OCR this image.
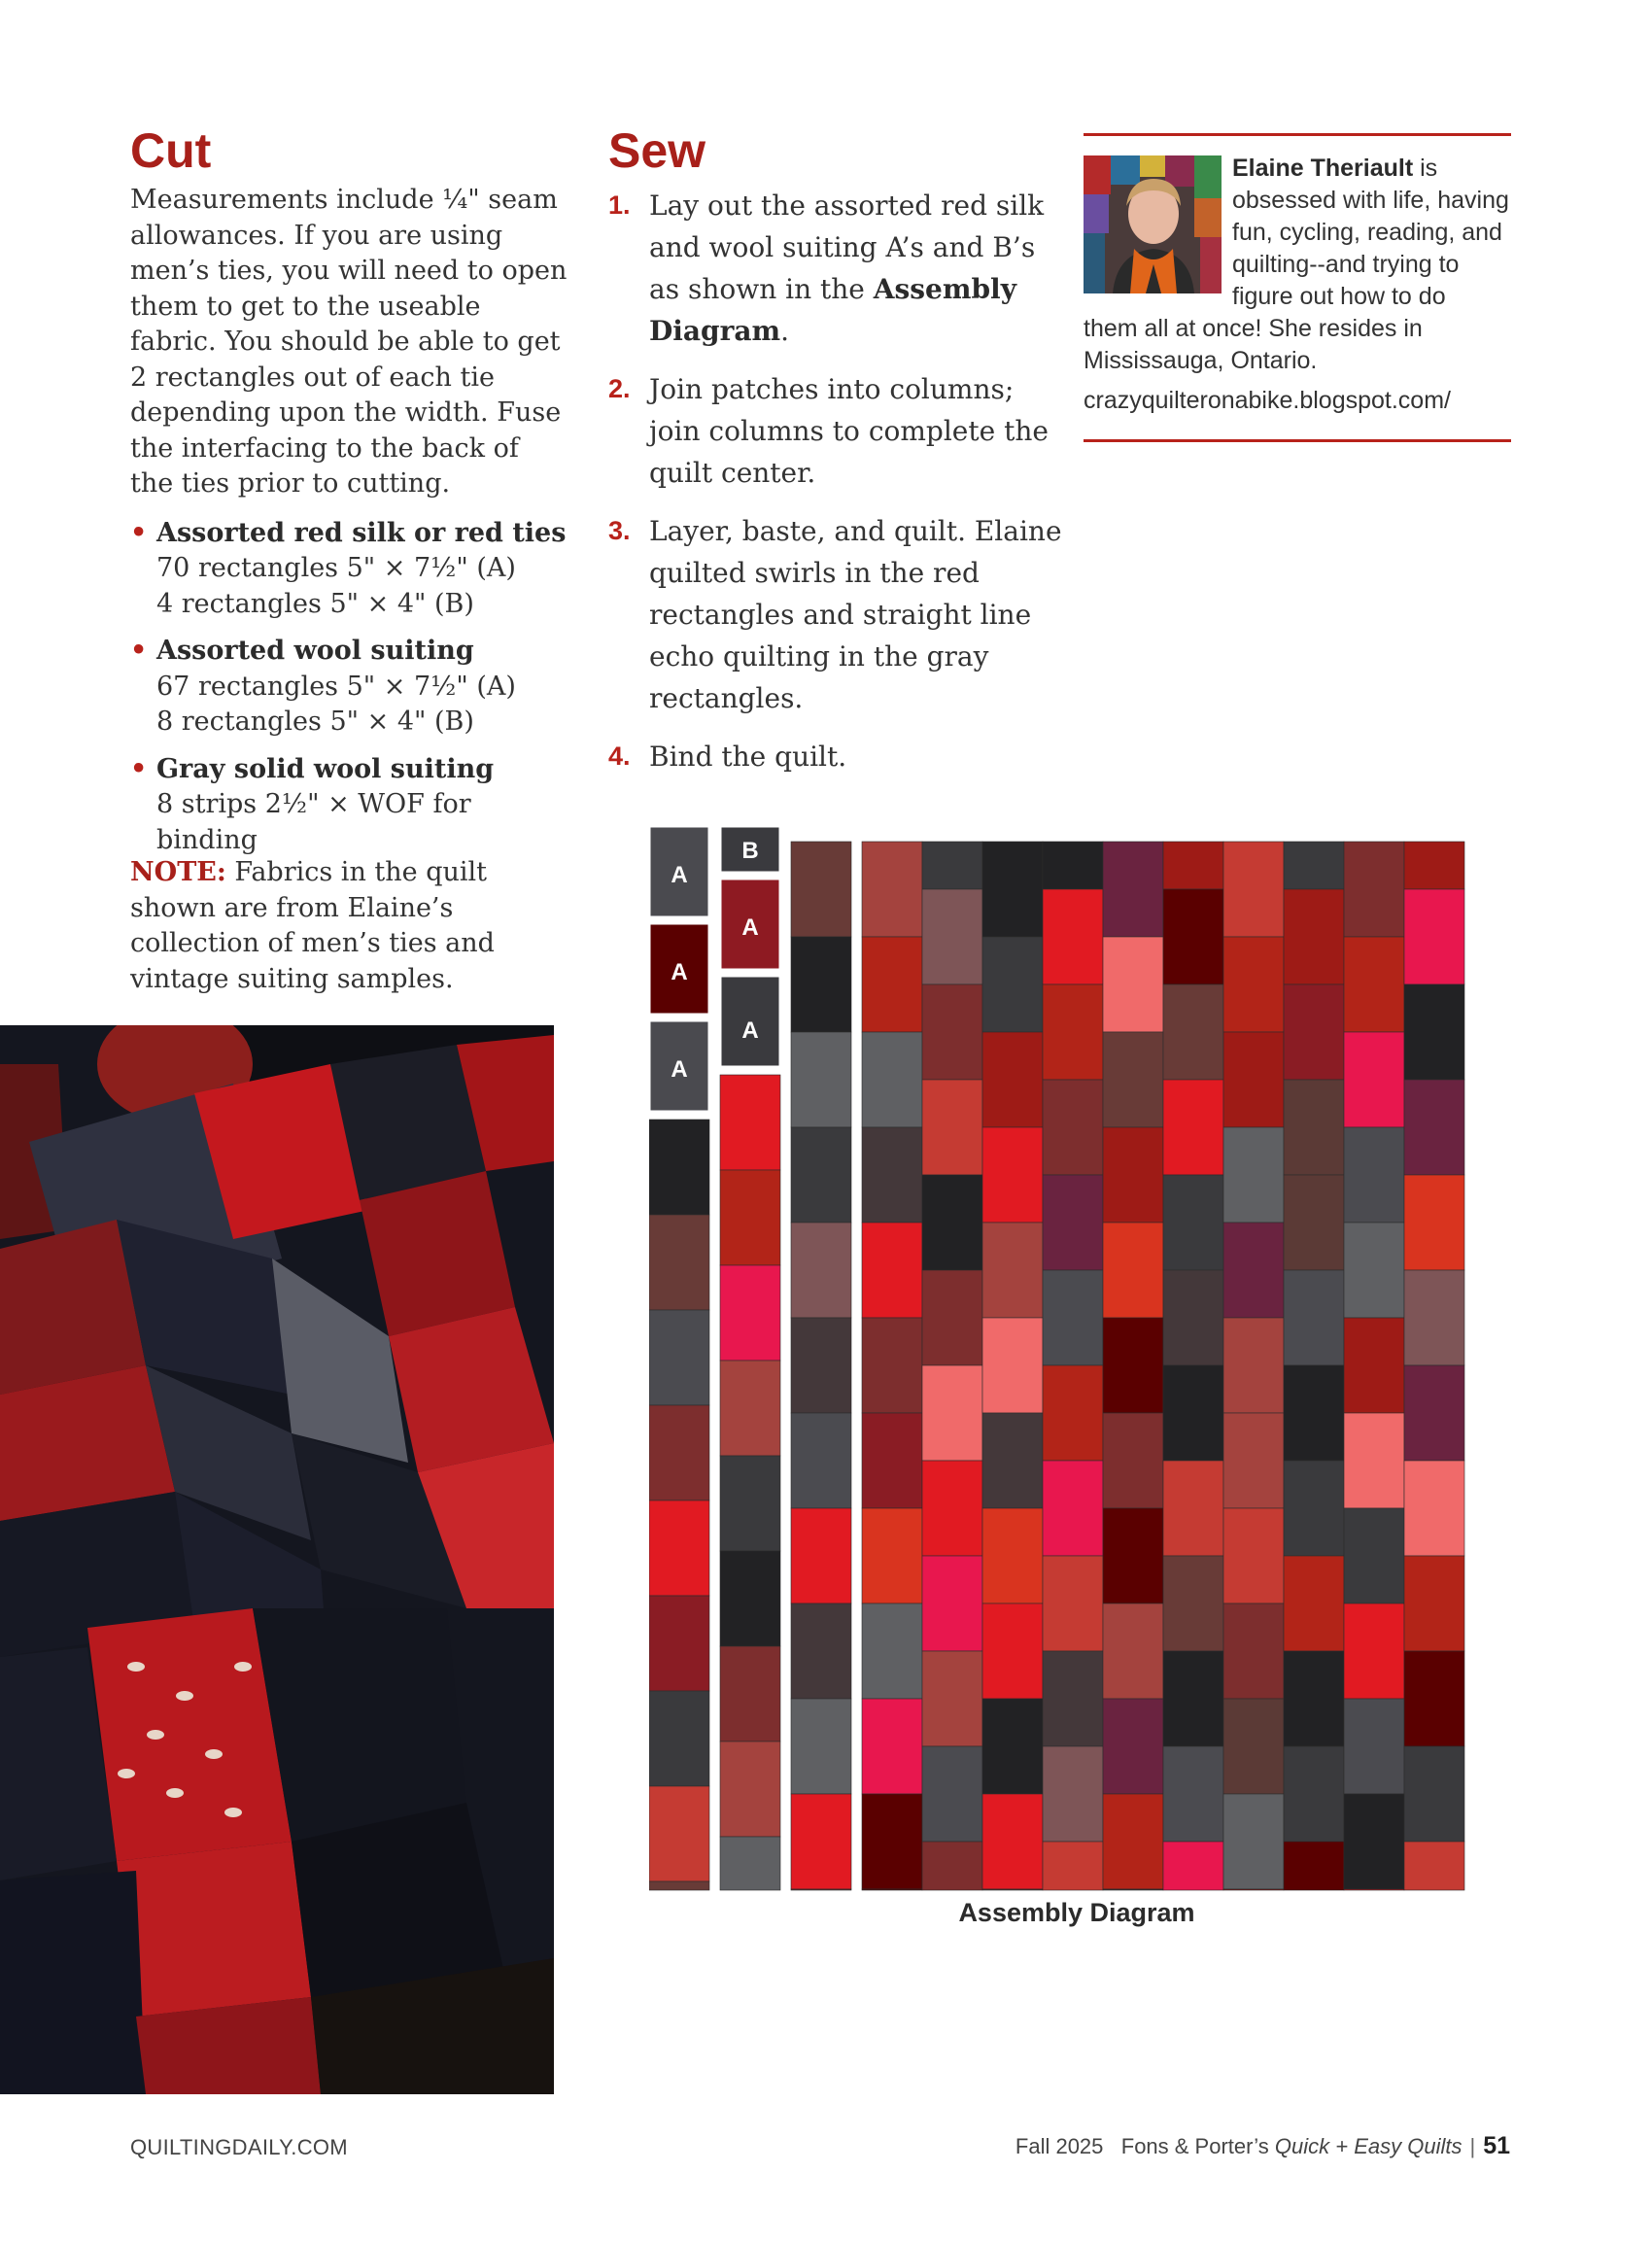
Cut

Measurements include ¼" seam allowances. If you are using men’s ties, you will need to open them to get to the useable fabric. You should be able to get 2 rectangles out of each tie depending upon the width. Fuse the interfacing to the back of the ties prior to cutting.

• Assorted red silk or red ties
70 rectangles 5" × 7½" (A)
4 rectangles 5" × 4" (B)
• Assorted wool suiting
67 rectangles 5" × 7½" (A)
8 rectangles 5" × 4" (B)
• Gray solid wool suiting
8 strips 2½" × WOF for binding

NOTE: Fabrics in the quilt shown are from Elaine’s collection of men’s ties and vintage suiting samples.

Sew
1. Lay out the assorted red silk and wool suiting A’s and B’s as shown in the Assembly Diagram.
2. Join patches into columns; join columns to complete the quilt center.
3. Layer, baste, and quilt. Elaine quilted swirls in the red rectangles and straight line echo quilting in the gray rectangles.
4. Bind the quilt.
Elaine Theriault is obsessed with life, having fun, cycling, reading, and quilting--and trying to figure out how to do
them all at once! She resides in Mississauga, Ontario.
crazyquilteronabike.blogspot.com/
A
A
A
B
A
A
Assembly Diagram
QUILTINGDAILY.COM	Fall 2025 Fons & Porter’s Quick + Easy Quilts | 51
